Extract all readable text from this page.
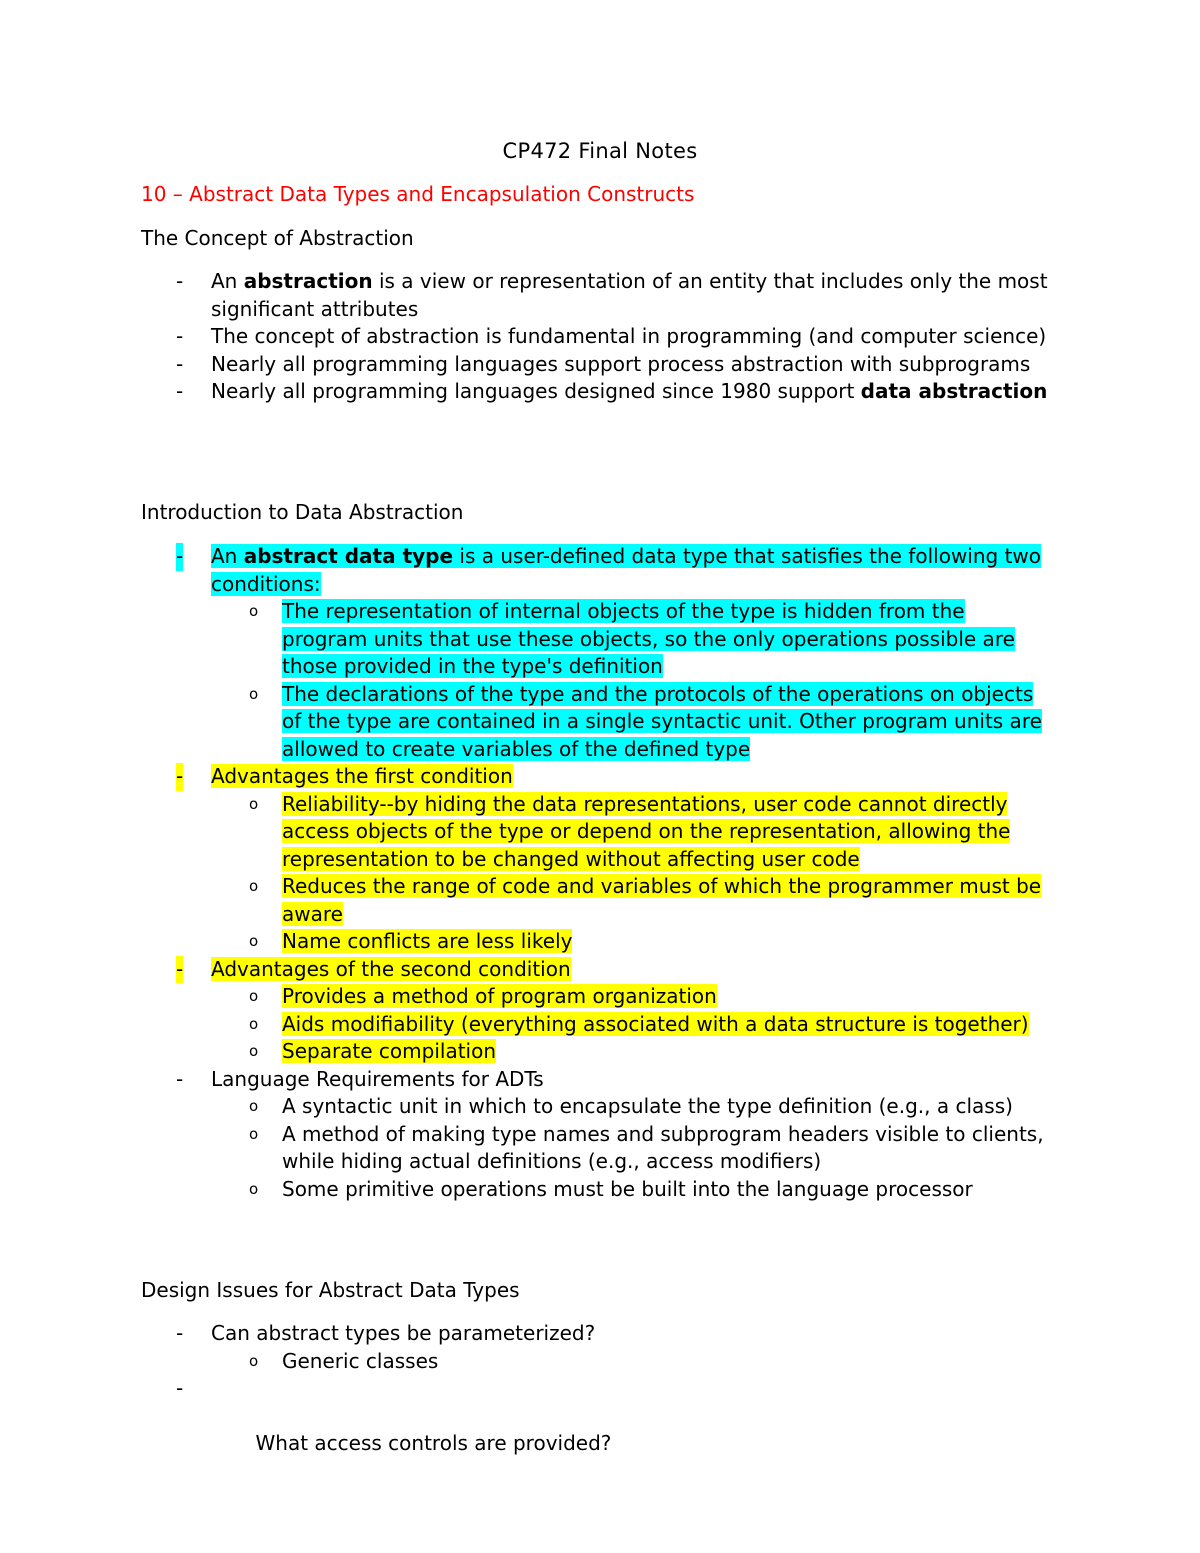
CP472 Final Notes
10 – Abstract Data Types and Encapsulation Constructs
The Concept of Abstraction
- An abstraction is a view or representation of an entity that includes only the most significant attributes
- The concept of abstraction is fundamental in programming (and computer science)
- Nearly all programming languages support process abstraction with subprograms
- Nearly all programming languages designed since 1980 support data abstraction
Introduction to Data Abstraction
- An abstract data type is a user-defined data type that satisfies the following two conditions:
o The representation of internal objects of the type is hidden from the program units that use these objects, so the only operations possible are those provided in the type's definition
o The declarations of the type and the protocols of the operations on objects of the type are contained in a single syntactic unit. Other program units are allowed to create variables of the defined type
- Advantages the first condition
o Reliability--by hiding the data representations, user code cannot directly access objects of the type or depend on the representation, allowing the representation to be changed without affecting user code
o Reduces the range of code and variables of which the programmer must be aware
o Name conflicts are less likely
- Advantages of the second condition
o Provides a method of program organization
o Aids modifiability (everything associated with a data structure is together)
o Separate compilation
- Language Requirements for ADTs
o A syntactic unit in which to encapsulate the type definition (e.g., a class)
o A method of making type names and subprogram headers visible to clients, while hiding actual definitions (e.g., access modifiers)
o Some primitive operations must be built into the language processor
Design Issues for Abstract Data Types
- Can abstract types be parameterized?
o Generic classes

-

What access controls are provided?
